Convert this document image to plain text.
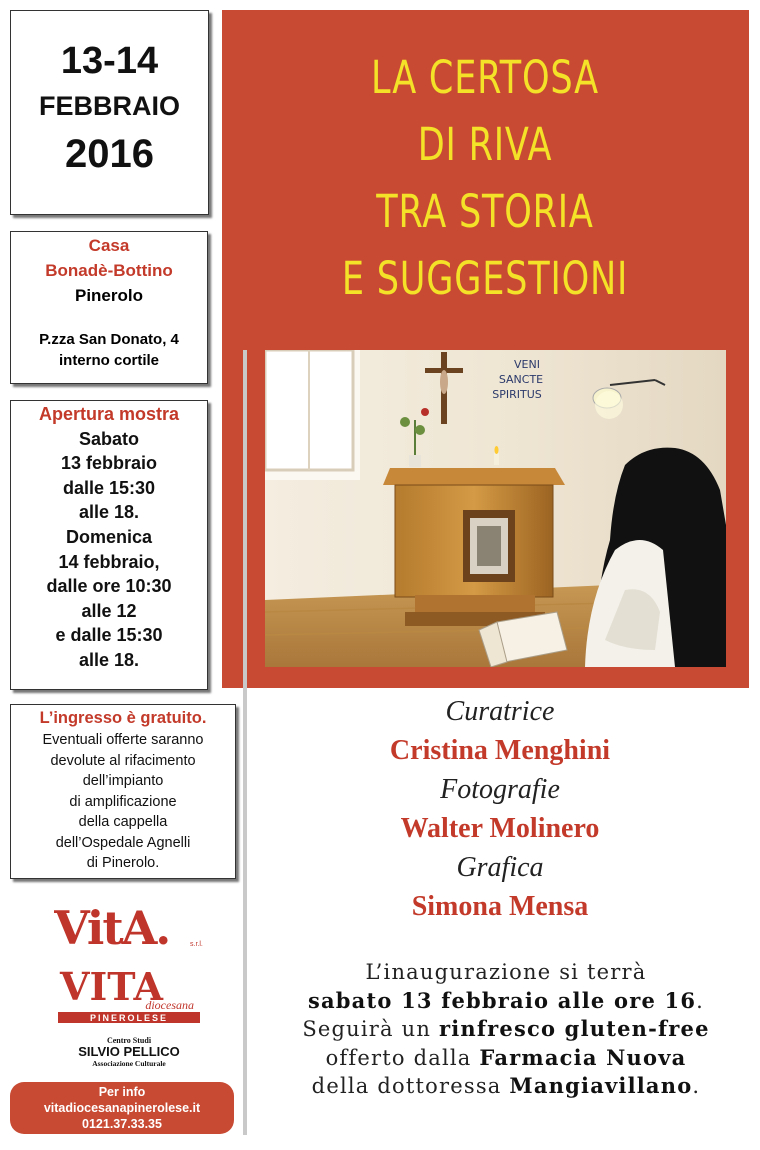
13-14
FEBBRAIO
2016
Casa
Bonadè-Bottino
Pinerolo
P.zza San Donato, 4
interno cortile
Apertura mostra
Sabato
13 febbraio
dalle 15:30
alle 18.
Domenica
14 febbraio,
dalle ore 10:30
alle 12
e dalle 15:30
alle 18.
L’ingresso è gratuito.
Eventuali offerte saranno
devolute al rifacimento
dell’impianto
di amplificazione
della cappella
dell’Ospedale Agnelli
di Pinerolo.
LA CERTOSA
DI RIVA
TRA STORIA
E SUGGESTIONI
VENI
SANCTE
SPIRITUS
Curatrice
Cristina Menghini
Fotografie
Walter Molinero
Grafica
Simona Mensa
L’inaugurazione si terrà
sabato 13 febbraio alle ore 16.
Seguirà un rinfresco gluten-free
offerto dalla Farmacia Nuova
della dottoressa Mangiavillano.
VitA.	s.r.l.
VITA
diocesana
PINEROLESE
Centro Studi
SILVIO PELLICO
Associazione Culturale
Per info
vitadiocesanapinerolese.it
0121.37.33.35
